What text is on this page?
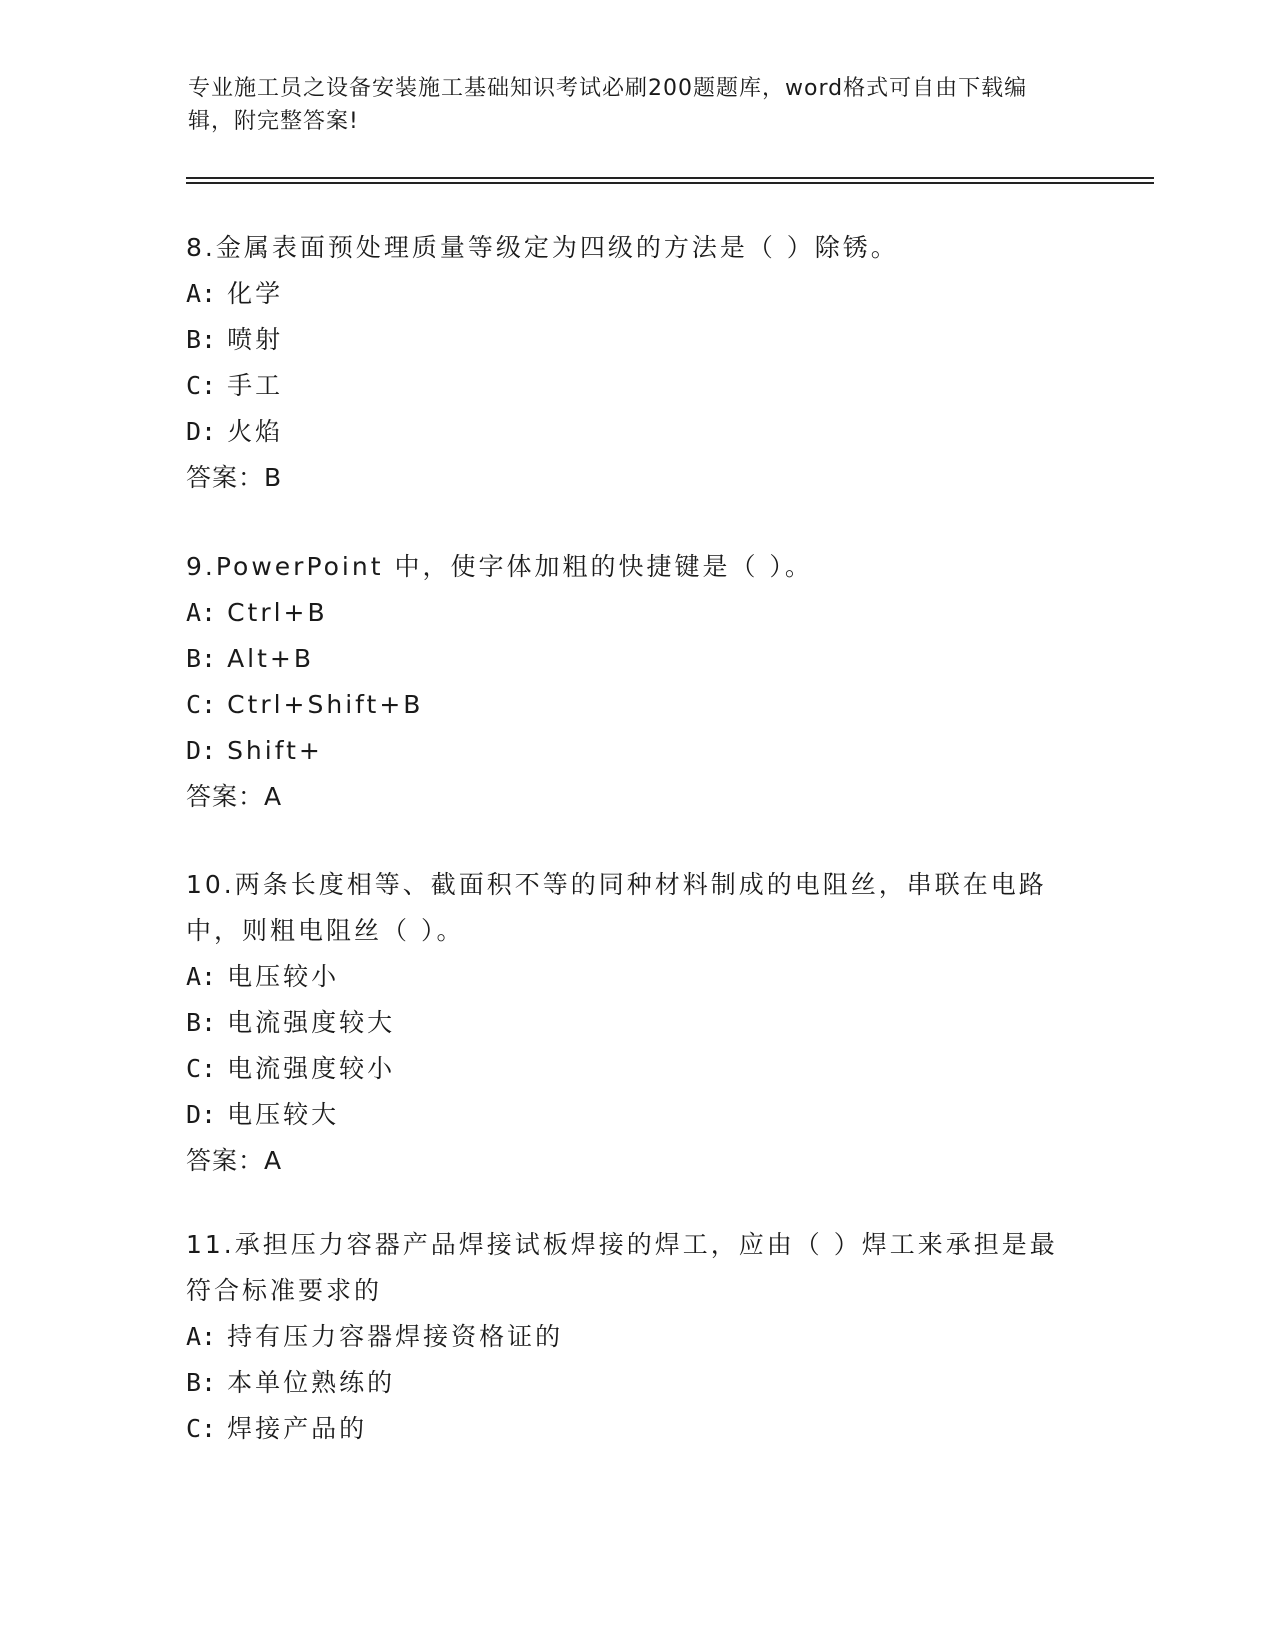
专业施工员之设备安装施工基础知识考试必刷200题题库，word格式可自由下载编辑，附完整答案!
8.金属表面预处理质量等级定为四级的方法是（ ）除锈。
A: 化学
B: 喷射
C: 手工
D: 火焰
答案：B
9.PowerPoint 中，使字体加粗的快捷键是（ ）。
A: Ctrl+B
B: Alt+B
C: Ctrl+Shift+B
D: Shift+
答案：A
10.两条长度相等、截面积不等的同种材料制成的电阻丝，串联在电路中，则粗电阻丝（ ）。
A: 电压较小
B: 电流强度较大
C: 电流强度较小
D: 电压较大
答案：A
11.承担压力容器产品焊接试板焊接的焊工，应由（ ）焊工来承担是最符合标准要求的
A: 持有压力容器焊接资格证的
B: 本单位熟练的
C: 焊接产品的
